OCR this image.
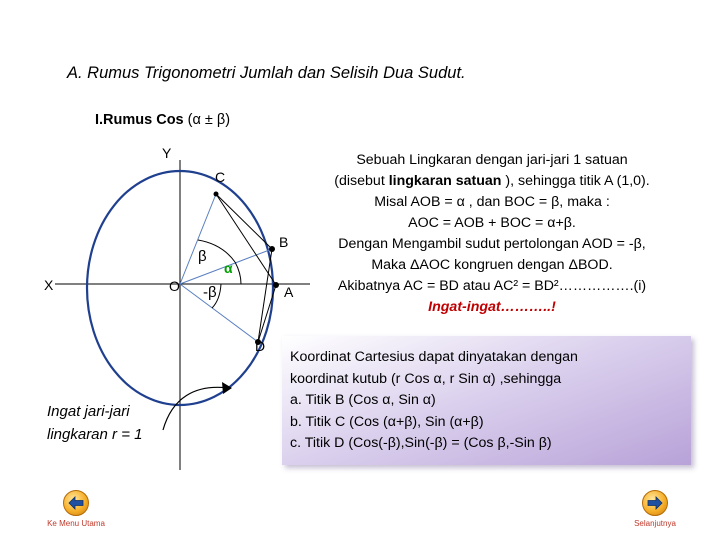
A. Rumus Trigonometri Jumlah dan Selisih Dua Sudut.
I.Rumus Cos (α ± β)
Y
X	O
C
B
A
D
β
α
-β
Sebuah Lingkaran dengan jari-jari 1 satuan
(disebut lingkaran satuan ), sehingga titik A (1,0).
Misal AOB = α , dan BOC = β, maka :
AOC = AOB + BOC = α+β.
Dengan Mengambil sudut pertolongan AOD = -β,
Maka ΔAOC kongruen dengan ΔBOD.
Akibatnya AC = BD atau AC² = BD²…………….(i)
Ingat-ingat………..!
Ingat jari-jari
lingkaran r = 1
Koordinat Cartesius dapat dinyatakan dengan
koordinat kutub (r Cos α, r Sin α) ,sehingga
a. Titik B (Cos α, Sin α)
b. Titik C (Cos (α+β), Sin (α+β)
c. Titik D (Cos(-β),Sin(-β) = (Cos β,-Sin β)
Ke Menu Utama	Selanjutnya
